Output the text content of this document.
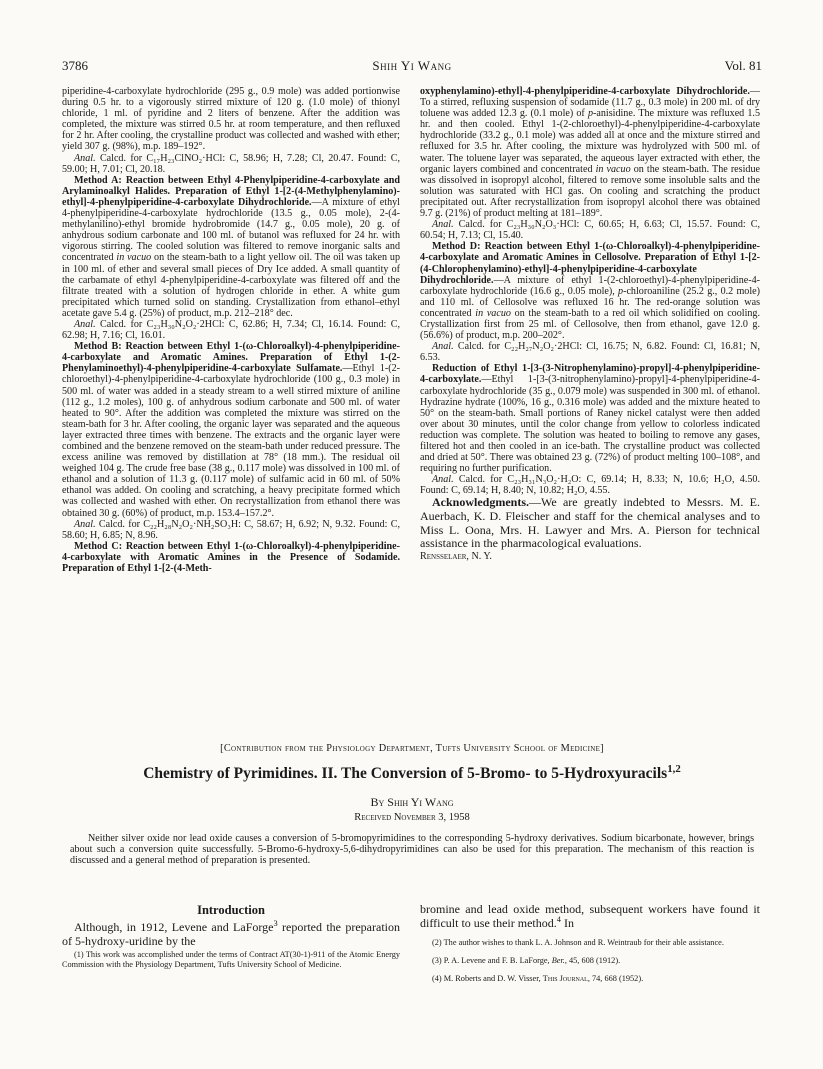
3786	Shih Yi Wang	Vol. 81

piperidine-4-carboxylate hydrochloride (295 g., 0.9 mole) was added portionwise during 0.5 hr. to a vigorously stirred mixture of 120 g. (1.0 mole) of thionyl chloride, 1 ml. of pyridine and 2 liters of benzene. After the addition was completed, the mixture was stirred 0.5 hr. at room temperature, and then refluxed for 2 hr. After cooling, the crystalline product was collected and washed with ether; yield 307 g. (98%), m.p. 189–192°.

Anal. Calcd. for C₁₇H₂₃ClNO₂·HCl: C, 58.96; H, 7.28; Cl, 20.47. Found: C, 59.00; H, 7.01; Cl, 20.18.

Method A: Reaction between Ethyl 4-Phenylpiperidine-4-carboxylate and Arylaminoalkyl Halides. Preparation of Ethyl 1-[2-(4-Methylphenylamino)-ethyl]-4-phenylpiperidine-4-carboxylate Dihydrochloride.—A mixture of ethyl 4-phenylpiperidine-4-carboxylate hydrochloride (13.5 g., 0.05 mole), 2-(4-methylanilino)-ethyl bromide hydrobromide (14.7 g., 0.05 mole), 20 g. of anhydrous sodium carbonate and 100 ml. of butanol was refluxed for 24 hr. with vigorous stirring. The cooled solution was filtered to remove inorganic salts and concentrated in vacuo on the steam-bath to a light yellow oil. The oil was taken up in 100 ml. of ether and several small pieces of Dry Ice added. A small quantity of the carbamate of ethyl 4-phenylpiperidine-4-carboxylate was filtered off and the filtrate treated with a solution of hydrogen chloride in ether. A white gum precipitated which turned solid on standing. Crystallization from ethanol–ethyl acetate gave 5.4 g. (25%) of product, m.p. 212–218° dec.

Anal. Calcd. for C₂₃H₃₀N₂O₂·2HCl: C, 62.86; H, 7.34; Cl, 16.14. Found: C, 62.98; H, 7.16; Cl, 16.01.

Method B: Reaction between Ethyl 1-(ω-Chloroalkyl)-4-phenylpiperidine-4-carboxylate and Aromatic Amines. Preparation of Ethyl 1-(2-Phenylaminoethyl)-4-phenylpiperidine-4-carboxylate Sulfamate.—Ethyl 1-(2-chloroethyl)-4-phenylpiperidine-4-carboxylate hydrochloride (100 g., 0.3 mole) in 500 ml. of water was added in a steady stream to a well stirred mixture of aniline (112 g., 1.2 moles), 100 g. of anhydrous sodium carbonate and 500 ml. of water heated to 90°. After the addition was completed the mixture was stirred on the steam-bath for 3 hr. After cooling, the organic layer was separated and the aqueous layer extracted three times with benzene. The extracts and the organic layer were combined and the benzene removed on the steam-bath under reduced pressure. The excess aniline was removed by distillation at 78° (18 mm.). The residual oil weighed 104 g. The crude free base (38 g., 0.117 mole) was dissolved in 100 ml. of ethanol and a solution of 11.3 g. (0.117 mole) of sulfamic acid in 60 ml. of 50% ethanol was added. On cooling and scratching, a heavy precipitate formed which was collected and washed with ether. On recrystallization from ethanol there was obtained 30 g. (60%) of product, m.p. 153.4–157.2°.

Anal. Calcd. for C₂₂H₂₈N₂O₂·NH₂SO₃H: C, 58.67; H, 6.92; N, 9.32. Found: C, 58.60; H, 6.85; N, 8.96.

Method C: Reaction between Ethyl 1-(ω-Chloroalkyl)-4-phenylpiperidine-4-carboxylate with Aromatic Amines in the Presence of Sodamide. Preparation of Ethyl 1-[2-(4-Meth-

oxyphenylamino)-ethyl]-4-phenylpiperidine-4-carboxylate Dihydrochloride.—To a stirred, refluxing suspension of sodamide (11.7 g., 0.3 mole) in 200 ml. of dry toluene was added 12.3 g. (0.1 mole) of p-anisidine. The mixture was refluxed 1.5 hr. and then cooled. Ethyl 1-(2-chloroethyl)-4-phenylpiperidine-4-carboxylate hydrochloride (33.2 g., 0.1 mole) was added all at once and the mixture stirred and refluxed for 3.5 hr. After cooling, the mixture was hydrolyzed with 500 ml. of water. The toluene layer was separated, the aqueous layer extracted with ether, the organic layers combined and concentrated in vacuo on the steam-bath. The residue was dissolved in isopropyl alcohol, filtered to remove some insoluble salts and the solution was saturated with HCl gas. On cooling and scratching the product precipitated out. After recrystallization from isopropyl alcohol there was obtained 9.7 g. (21%) of product melting at 181–189°.

Anal. Calcd. for C₂₃H₃₀N₂O₃·HCl: C, 60.65; H, 6.63; Cl, 15.57. Found: C, 60.54; H, 7.13; Cl, 15.40.

Method D: Reaction between Ethyl 1-(ω-Chloroalkyl)-4-phenylpiperidine-4-carboxylate and Aromatic Amines in Cellosolve. Preparation of Ethyl 1-[2-(4-Chlorophenylamino)-ethyl]-4-phenylpiperidine-4-carboxylate Dihydrochloride.—A mixture of ethyl 1-(2-chloroethyl)-4-phenylpiperidine-4-carboxylate hydrochloride (16.6 g., 0.05 mole), p-chloroaniline (25.2 g., 0.2 mole) and 110 ml. of Cellosolve was refluxed 16 hr. The red-orange solution was concentrated in vacuo on the steam-bath to a red oil which solidified on cooling. Crystallization first from 25 ml. of Cellosolve, then from ethanol, gave 12.0 g. (56.6%) of product, m.p. 200–202°.

Anal. Calcd. for C₂₂H₂₇N₂O₂·2HCl: Cl, 16.75; N, 6.82. Found: Cl, 16.81; N, 6.53.

Reduction of Ethyl 1-[3-(3-Nitrophenylamino)-propyl]-4-phenylpiperidine-4-carboxylate.—Ethyl 1-[3-(3-nitrophenylamino)-propyl]-4-phenylpiperidine-4-carboxylate hydrochloride (35 g., 0.079 mole) was suspended in 300 ml. of ethanol. Hydrazine hydrate (100%, 16 g., 0.316 mole) was added and the mixture heated to 50° on the steam-bath. Small portions of Raney nickel catalyst were then added over about 30 minutes, until the color change from yellow to colorless indicated reduction was complete. The solution was heated to boiling to remove any gases, filtered hot and then cooled in an ice-bath. The crystalline product was collected and dried at 50°. There was obtained 23 g. (72%) of product melting 100–108°, and requiring no further purification.

Anal. Calcd. for C₂₃H₃₁N₃O₂·H₂O: C, 69.14; H, 8.33; N, 10.6; H₂O, 4.50. Found: C, 69.14; H, 8.40; N, 10.82; H₂O, 4.55.

Acknowledgments.—We are greatly indebted to Messrs. M. E. Auerbach, K. D. Fleischer and staff for the chemical analyses and to Miss L. Oona, Mrs. H. Lawyer and Mrs. A. Pierson for technical assistance in the pharmacological evaluations.

Rensselaer, N. Y.

[Contribution from the Physiology Department, Tufts University School of Medicine]
Chemistry of Pyrimidines. II. The Conversion of 5-Bromo- to 5-Hydroxyuracils$^{1,2}$
By Shih Yi Wang
Received November 3, 1958
Neither silver oxide nor lead oxide causes a conversion of 5-bromopyrimidines to the corresponding 5-hydroxy derivatives. Sodium bicarbonate, however, brings about such a conversion quite successfully. 5-Bromo-6-hydroxy-5,6-dihydropyrimidines can also be used for this preparation. The mechanism of this reaction is discussed and a general method of preparation is presented.
Introduction

Although, in 1912, Levene and LaForge$^3$ reported the preparation of 5-hydroxy-uridine by the

(1) This work was accomplished under the terms of Contract AT(30-1)-911 of the Atomic Energy Commission with the Physiology Department, Tufts University School of Medicine.

bromine and lead oxide method, subsequent workers have found it difficult to use their method.$^4$ In

(2) The author wishes to thank L. A. Johnson and R. Weintraub for their able assistance.

(3) P. A. Levene and F. B. LaForge, Ber., 45, 608 (1912).

(4) M. Roberts and D. W. Visser, This Journal, 74, 668 (1952).
